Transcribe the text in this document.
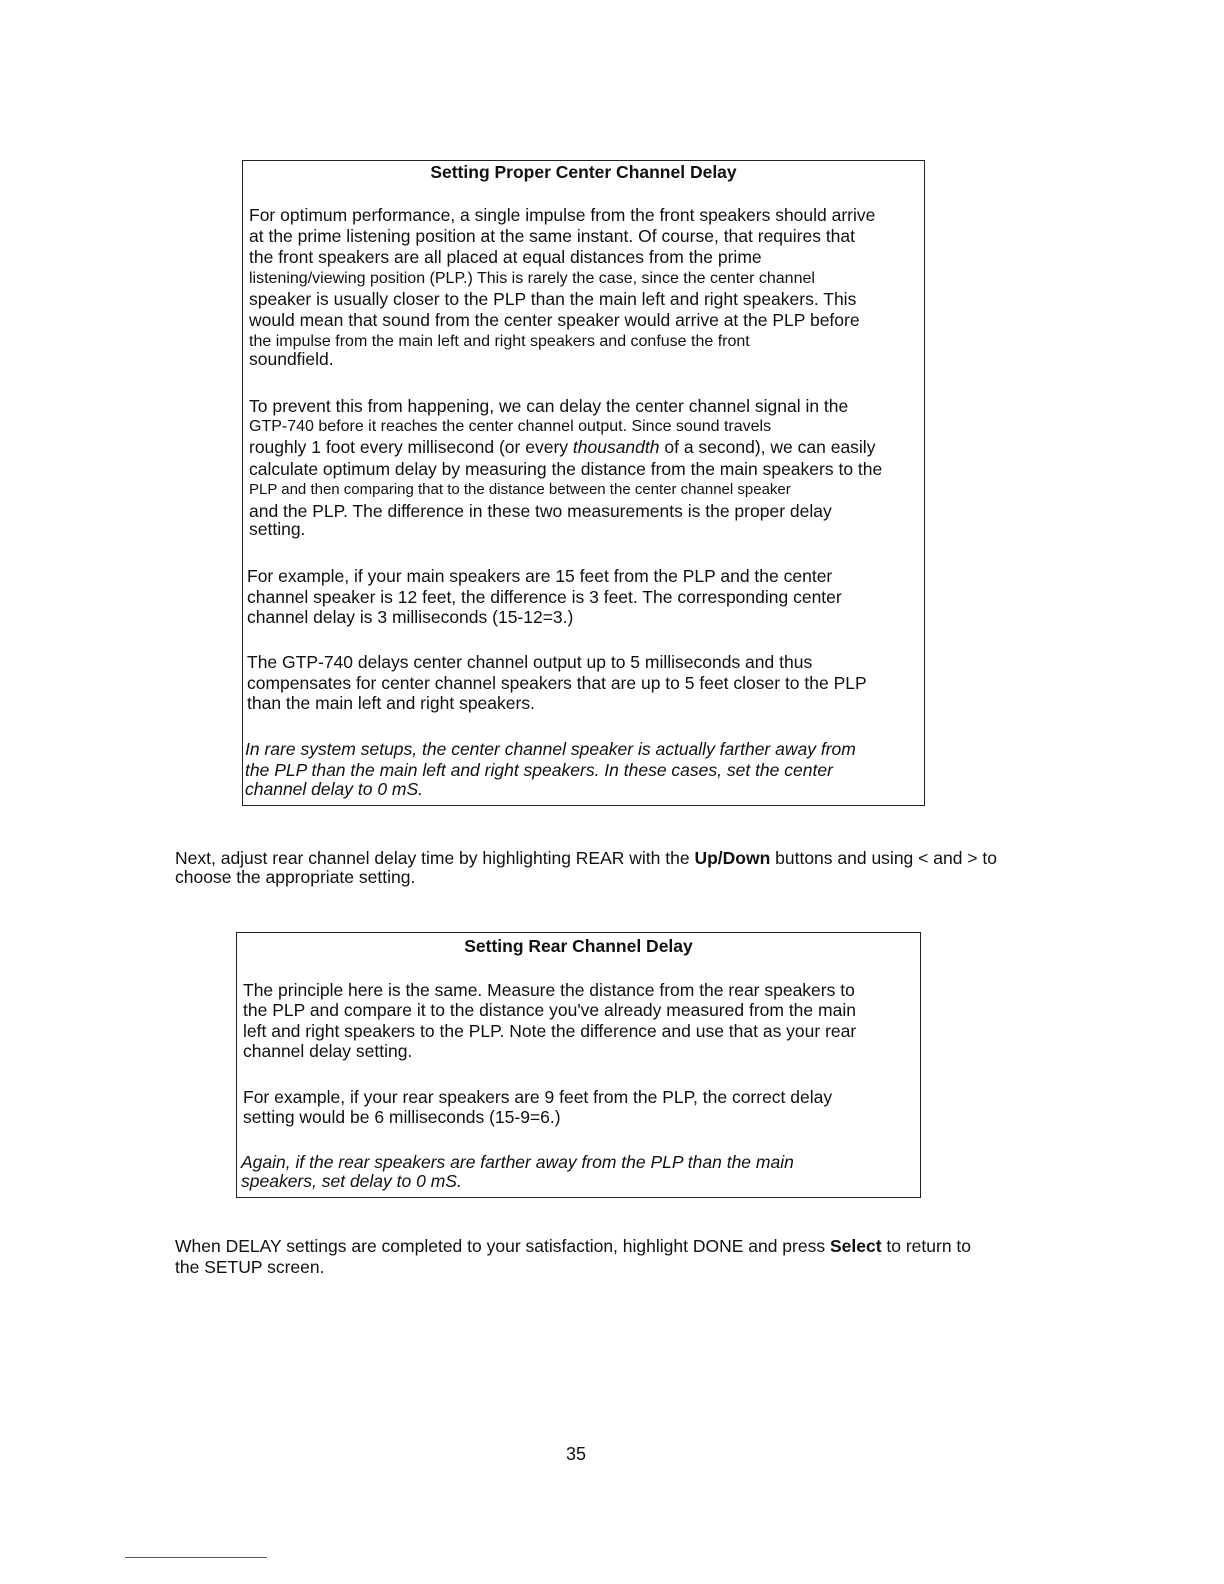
Setting Proper Center Channel Delay
For optimum performance, a single impulse from the front speakers should arrive
at the prime listening position at the same instant. Of course, that requires that
the front speakers are all placed at equal distances from the prime
listening/viewing position (PLP.) This is rarely the case, since the center channel
speaker is usually closer to the PLP than the main left and right speakers. This
would mean that sound from the center speaker would arrive at the PLP before
the impulse from the main left and right speakers and confuse the front
soundfield.
To prevent this from happening, we can delay the center channel signal in the
GTP-740 before it reaches the center channel output. Since sound travels
roughly 1 foot every millisecond (or every thousandth of a second), we can easily
calculate optimum delay by measuring the distance from the main speakers to the
PLP and then comparing that to the distance between the center channel speaker
and the PLP. The difference in these two measurements is the proper delay
setting.
For example, if your main speakers are 15 feet from the PLP and the center
channel speaker is 12 feet, the difference is 3 feet. The corresponding center
channel delay is 3 milliseconds (15-12=3.)
The GTP-740 delays center channel output up to 5 milliseconds and thus
compensates for center channel speakers that are up to 5 feet closer to the PLP
than the main left and right speakers.
In rare system setups, the center channel speaker is actually farther away from
the PLP than the main left and right speakers. In these cases, set the center
channel delay to 0 mS.
Next, adjust rear channel delay time by highlighting REAR with the Up/Down buttons and using < and > to
choose the appropriate setting.
Setting Rear Channel Delay
The principle here is the same. Measure the distance from the rear speakers to
the PLP and compare it to the distance you've already measured from the main
left and right speakers to the PLP. Note the difference and use that as your rear
channel delay setting.
For example, if your rear speakers are 9 feet from the PLP, the correct delay
setting would be 6 milliseconds (15-9=6.)
Again, if the rear speakers are farther away from the PLP than the main
speakers, set delay to 0 mS.
When DELAY settings are completed to your satisfaction, highlight DONE and press Select to return to
the SETUP screen.
35
